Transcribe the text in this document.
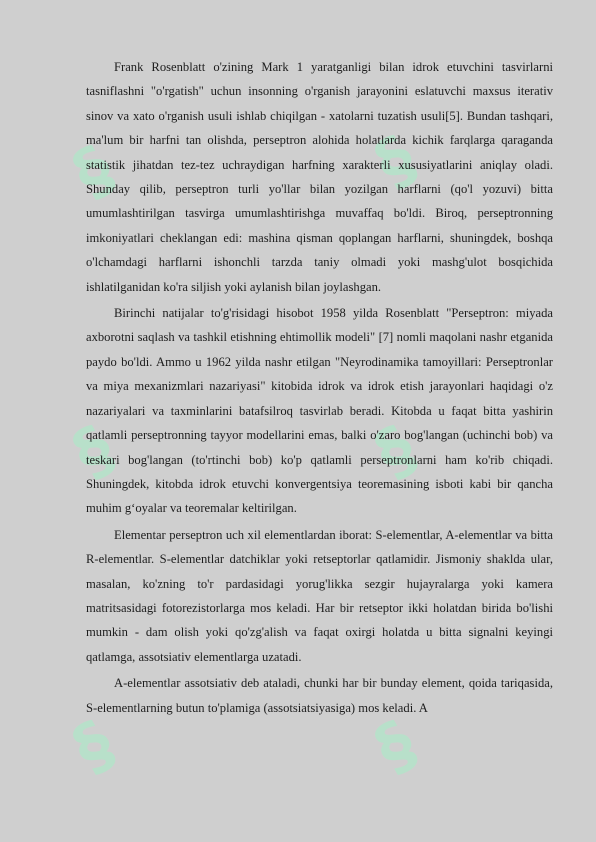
§	§
§	§
§	§

Frank Rosenblatt o'zining Mark 1 yaratganligi bilan idrok etuvchini tasvirlarni tasniflashni "o'rgatish" uchun insonning o'rganish jarayonini eslatuvchi maxsus iterativ sinov va xato o'rganish usuli ishlab chiqilgan - xatolarni tuzatish usuli[5]. Bundan tashqari, ma'lum bir harfni tan olishda, perseptron alohida holatlarda kichik farqlarga qaraganda statistik jihatdan tez-tez uchraydigan harfning xarakterli xususiyatlarini aniqlay oladi. Shunday qilib, perseptron turli yo'llar bilan yozilgan harflarni (qo'l yozuvi) bitta umumlashtirilgan tasvirga umumlashtirishga muvaffaq bo'ldi. Biroq, perseptronning imkoniyatlari cheklangan edi: mashina qisman qoplangan harflarni, shuningdek, boshqa o'lchamdagi harflarni ishonchli tarzda taniy olmadi yoki mashg'ulot bosqichida ishlatilganidan ko'ra siljish yoki aylanish bilan joylashgan.

Birinchi natijalar to'g'risidagi hisobot 1958 yilda Rosenblatt "Perseptron: miyada axborotni saqlash va tashkil etishning ehtimollik modeli" [7] nomli maqolani nashr etganida paydo bo'ldi. Ammo u 1962 yilda nashr etilgan "Neyrodinamika tamoyillari: Perseptronlar va miya mexanizmlari nazariyasi" kitobida idrok va idrok etish jarayonlari haqidagi o'z nazariyalari va taxminlarini batafsilroq tasvirlab beradi. Kitobda u faqat bitta yashirin qatlamli perseptronning tayyor modellarini emas, balki o'zaro bog'langan (uchinchi bob) va teskari bog'langan (to'rtinchi bob) ko'p qatlamli perseptronlarni ham ko'rib chiqadi. Shuningdek, kitobda idrok etuvchi konvergentsiya teoremasining isboti kabi bir qancha muhim g‘oyalar va teoremalar keltirilgan.

Elementar perseptron uch xil elementlardan iborat: S-elementlar, A-elementlar va bitta R-elementlar. S-elementlar datchiklar yoki retseptorlar qatlamidir. Jismoniy shaklda ular, masalan, ko'zning to'r pardasidagi yorug'likka sezgir hujayralarga yoki kamera matritsasidagi fotorezistorlarga mos keladi. Har bir retseptor ikki holatdan birida bo'lishi mumkin - dam olish yoki qo'zg'alish va faqat oxirgi holatda u bitta signalni keyingi qatlamga, assotsiativ elementlarga uzatadi.

A-elementlar assotsiativ deb ataladi, chunki har bir bunday element, qoida tariqasida, S-elementlarning butun to'plamiga (assotsiatsiyasiga) mos keladi. A
